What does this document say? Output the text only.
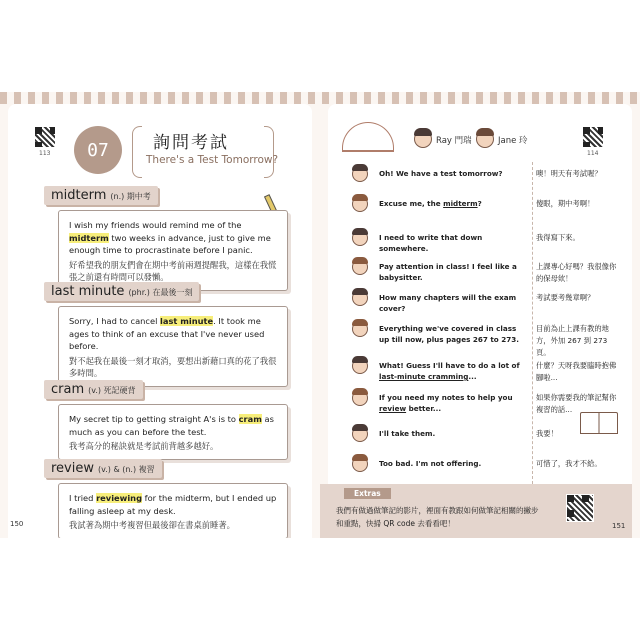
113	07	詢問考試
There's a Test Tomorrow?
midterm (n.) 期中考

I wish my friends would remind me of the midterm two weeks in advance, just to give me enough time to procrastinate before I panic.

好希望我的朋友們會在期中考前兩週提醒我，這樣在我慌張之前還有時間可以發懶。

last minute (phr.) 在最後一刻

Sorry, I had to cancel last minute. It took me ages to think of an excuse that I've never used before.

對不起我在最後一刻才取消，要想出新藉口真的花了我很多時間。

cram (v.) 死記硬背

My secret tip to getting straight A's is to cram as much as you can before the test.

我考高分的秘訣就是考試前背越多越好。

review (v.) & (n.) 複習

I tried reviewing for the midterm, but I ended up falling asleep at my desk.

我試著為期中考複習但最後卻在書桌前睡著。

150
Ray 門瑞	Jane 玲
114
Oh! We have a test tomorrow?	噢！明天有考試喔？
Excuse me, the midterm?	傻眼，期中考啊！
I need to write that down somewhere.
我得寫下來。
Pay attention in class! I feel like a babysitter.
上課專心好嗎？我很像你的保母欸！
How many chapters will the exam cover?
考試要考幾章啊？
Everything we've covered in class up till now, plus pages 267 to 273.
目前為止上課有教的地方，外加 267 到 273 頁。
What! Guess I'll have to do a lot of last-minute cramming...
什麼？天呀我要臨時抱佛腳啦...
If you need my notes to help you review better...
如果你需要我的筆記幫你複習的話...
I'll take them.	我要！
Too bad. I'm not offering.	可惜了，我才不給。
Extras
我們有做過做筆記的影片，裡面有教跟如何做筆記相關的撇步和重點，快掃 QR code 去看看吧！	151
